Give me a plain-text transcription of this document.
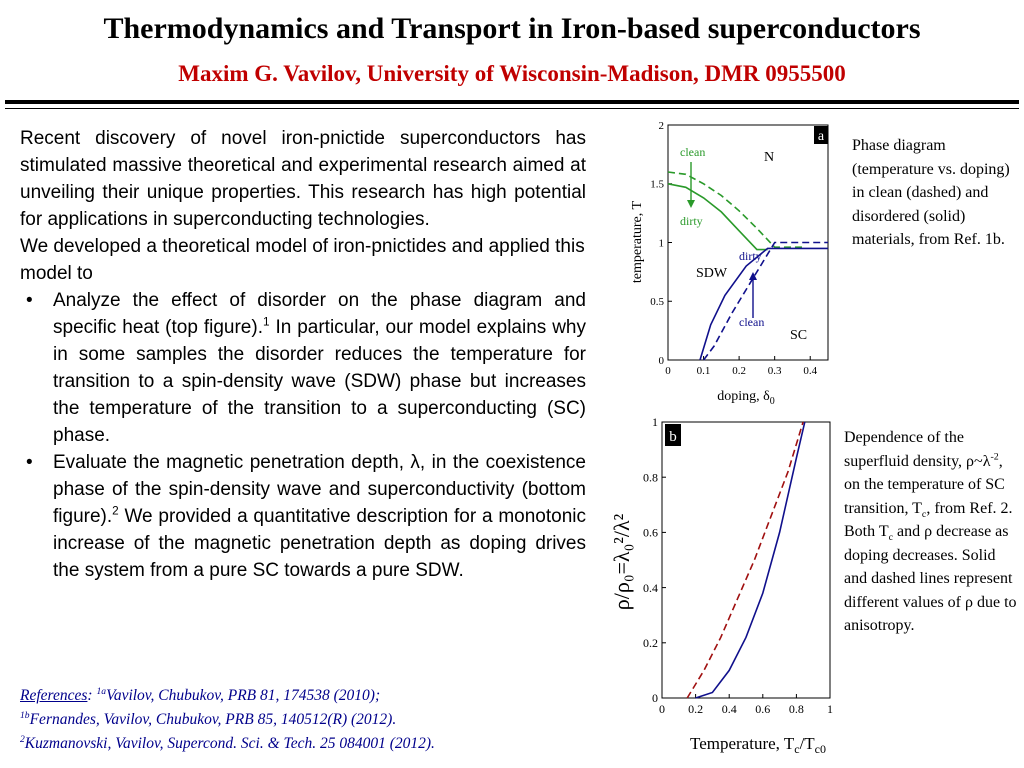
Thermodynamics and Transport in Iron-based superconductors
Maxim G. Vavilov, University of Wisconsin-Madison, DMR 0955500

Recent discovery of novel iron-pnictide superconductors has stimulated massive theoretical and experimental research aimed at unveiling their unique properties. This research has high potential for applications in superconducting technologies.

We developed a theoretical model of iron-pnictides and applied this model to

• Analyze the effect of disorder on the phase diagram and specific heat (top figure).$^1$ In particular, our model explains why in some samples the disorder reduces the temperature for transition to a spin-density wave (SDW) phase but increases the temperature of the transition to a superconducting (SC) phase.
• Evaluate the magnetic penetration depth, λ, in the coexistence phase of the spin-density wave and superconductivity (bottom figure).$^2$ We provided a quantitative description for a monotonic increase of the magnetic penetration depth as doping drives the system from a pure SC towards a pure SDW.
References: $^{1a}$Vavilov, Chubukov, PRB 81, 174538 (2010);
$^{1b}$Fernandes, Vavilov, Chubukov, PRB 85, 140512(R) (2012).
$^2$Kuzmanovski, Vavilov, Supercond. Sci. & Tech. 25 084001 (2012).
0 0.1 0.2 0.3 0.4
0
0.5
1
1.5
2
a
clean
dirty
dirty
clean
N
SDW
SC
temperature, T
doping, $\delta_0$
0 0.2 0.4 0.6 0.8 1
0
0.2
0.4
0.6
0.8
1
b
ρ/ρ₀=λ₀²/λ²
Temperature, $T_c/T_{c0}$
Phase diagram (temperature vs. doping) in clean (dashed) and disordered (solid) materials, from Ref. 1b.
Dependence of the superfluid density, $\rho\sim\lambda^{-2}$, on the temperature of SC transition, $T_c$, from Ref. 2. Both $T_c$ and ρ decrease as doping decreases. Solid and dashed lines represent different values of ρ due to anisotropy.
